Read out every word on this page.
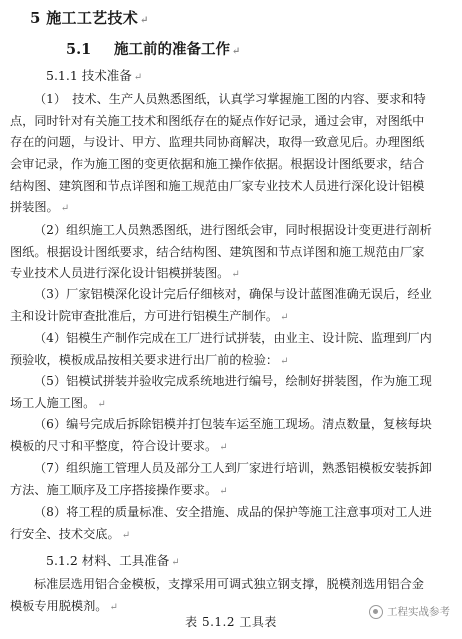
5 施工工艺技术 ↵
5.1 施工前的准备工作 ↵
5.1.1 技术准备 ↵
（1）　技术、生产人员熟悉图纸，认真学习掌握施工图的内容、要求和特
点，同时针对有关施工技术和图纸存在的疑点作好记录，通过会审，对图纸中
存在的问题，与设计、甲方、监理共同协商解决，取得一致意见后。办理图纸
会审记录，作为施工图的变更依据和施工操作依据。根据设计图纸要求，结合
结构图、建筑图和节点详图和施工规范由厂家专业技术人员进行深化设计铝模
拼装图。 ↵
（2）组织施工人员熟悉图纸，进行图纸会审，同时根据设计变更进行剖析
图纸。根据设计图纸要求，结合结构图、建筑图和节点详图和施工规范由厂家
专业技术人员进行深化设计铝模拼装图。 ↵
（3）厂家铝模深化设计完后仔细核对，确保与设计蓝图准确无误后，经业
主和设计院审查批准后，方可进行铝模生产制作。 ↵
（4）铝模生产制作完成在工厂进行试拼装，由业主、设计院、监理到厂内
预验收，模板成品按相关要求进行出厂前的检验： ↵
（5）铝模试拼装并验收完成系统地进行编号，绘制好拼装图，作为施工现
场工人施工图。 ↵
（6）编号完成后拆除铝模并打包装车运至施工现场。清点数量，复核每块
模板的尺寸和平整度，符合设计要求。 ↵
（7）组织施工管理人员及部分工人到厂家进行培训，熟悉铝模板安装拆卸
方法、施工顺序及工序搭接操作要求。 ↵
（8）将工程的质量标准、安全措施、成品的保护等施工注意事项对工人进
行安全、技术交底。 ↵
5.1.2 材料、工具准备 ↵
标准层选用铝合金模板，支撑采用可调式独立钢支撑，脱模剂选用铝合金
模板专用脱模剂。 ↵
表 5.1.2 工具表
工程实战参考
